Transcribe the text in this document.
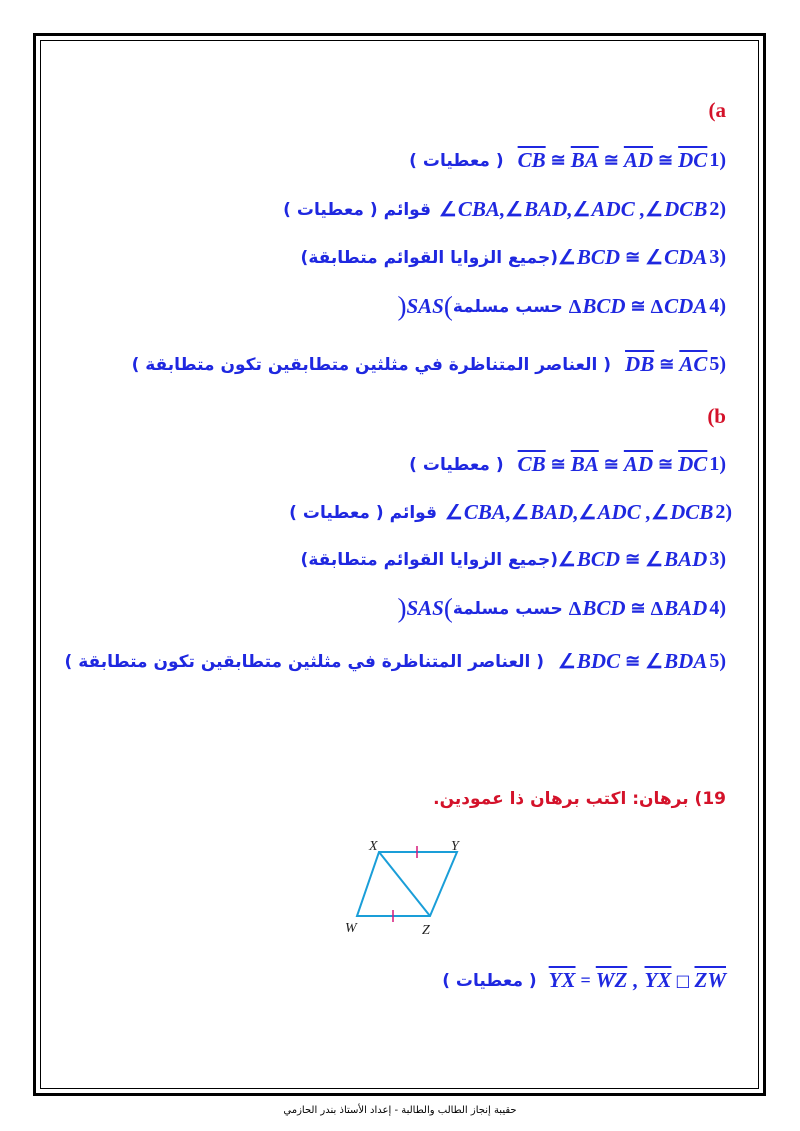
(a
( معطيات ) $\overline{CB}$ ≅ $\overline{BA}$ ≅ $\overline{AD}$ ≅ $\overline{DC}$ 1)
( معطيات ) قوائم ∠CBA, ∠BAD, ∠ADC , ∠DCB 2)
(جميع الزوايا القوائم متطابقة) ∠BCD ≅ ∠CDA 3)
) SAS ( حسب مسلمة ΔBCD ≅ ΔCDA 4)
( العناصر المتناظرة في مثلثين متطابقين تكون متطابقة ) $\overline{DB}$ ≅ $\overline{AC}$ 5)
(b
( معطيات ) $\overline{CB}$ ≅ $\overline{BA}$ ≅ $\overline{AD}$ ≅ $\overline{DC}$ 1)
( معطيات ) قوائم ∠CBA, ∠BAD, ∠ADC , ∠DCB 2)
(جميع الزوايا القوائم متطابقة) ∠BCD ≅ ∠BAD 3)
) SAS ( حسب مسلمة ΔBCD ≅ ΔBAD 4)
( العناصر المتناظرة في مثلثين متطابقين تكون متطابقة ) ∠BDC ≅ ∠BDA 5)
19) برهان: اكتب برهان ذا عمودين.
X	Y
W	Z
( معطيات ) $\overline{YX} = \overline{WZ}$ , $\overline{YX}$ □ $\overline{ZW}$
حقيبة إنجاز الطالب والطالبة - إعداد الأستاذ بندر الحازمي
